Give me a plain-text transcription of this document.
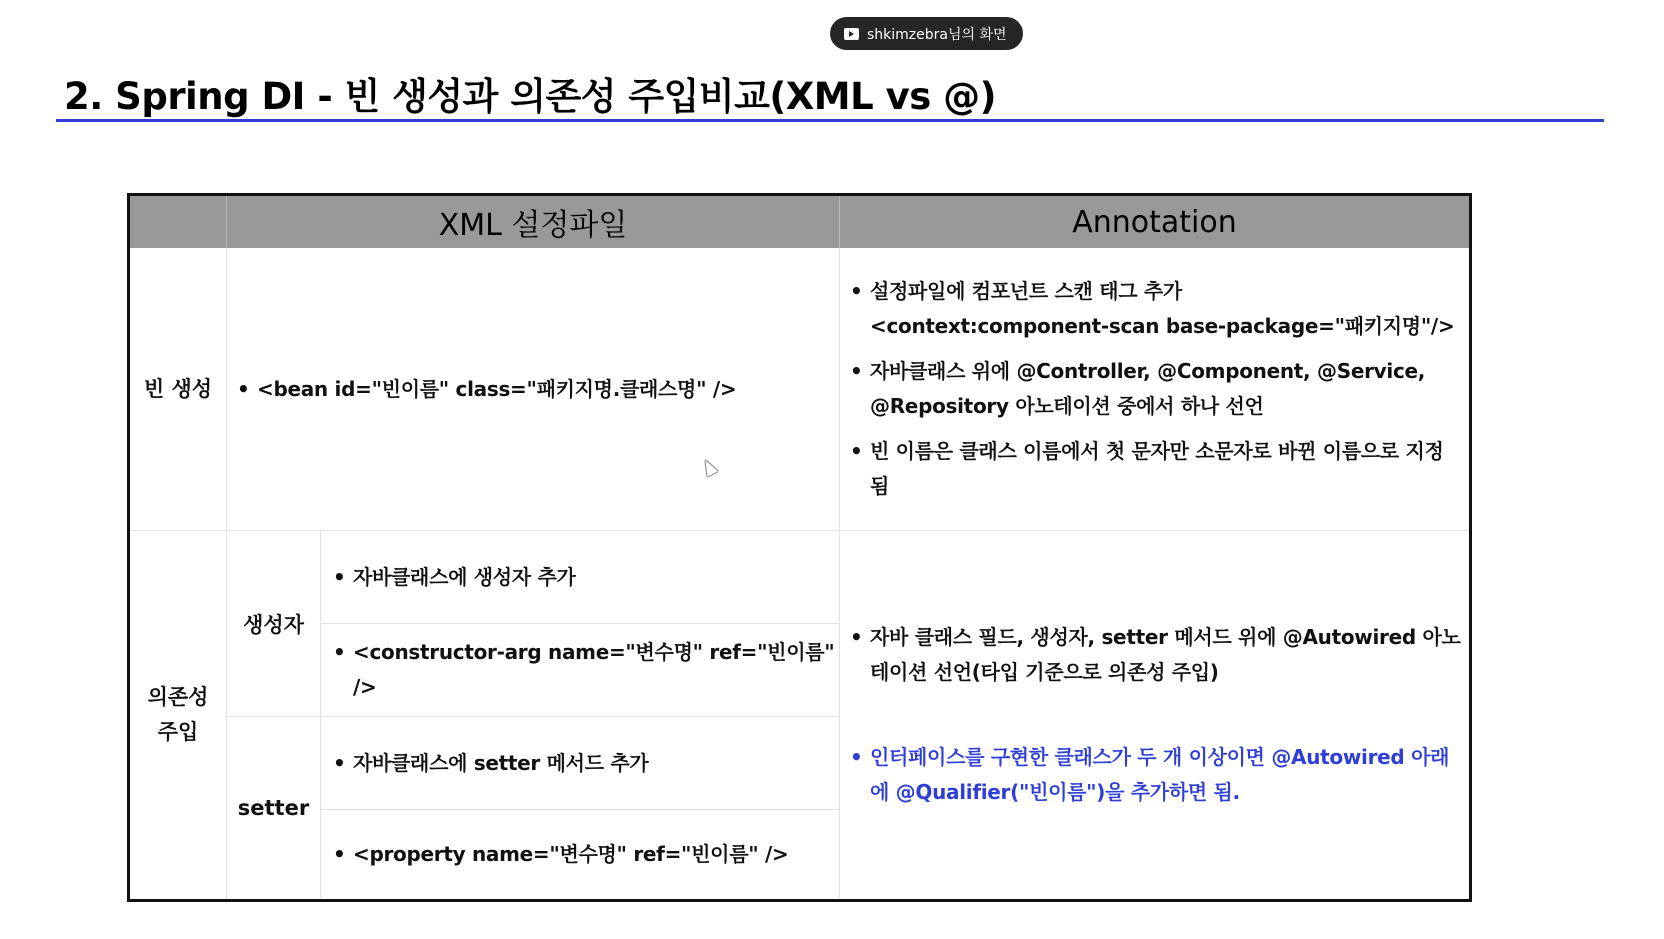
shkimzebra님의 화면
2. Spring DI - 빈 생성과 의존성 주입비교(XML vs @)
XML 설정파일	Annotation
빈 생성
•	<bean id="빈이름" class="패키지명.클래스명" />
• 설정파일에 컴포넌트 스캔 태그 추가
<context:component-scan base-package="패키지명"/>
• 자바클래스 위에 @Controller, @Component, @Service,
@Repository 아노테이션 중에서 하나 선언
• 빈 이름은 클래스 이름에서 첫 문자만 소문자로 바뀐 이름으로 지정됨
의존성
주입
생성자
• 자바클래스에 생성자 추가
• <constructor-arg name="변수명" ref="빈이름" />
setter
• 자바클래스에 setter 메서드 추가
• <property name="변수명" ref="빈이름" />
• 자바 클래스 필드, 생성자, setter 메서드 위에 @Autowired 아노
테이션 선언(타입 기준으로 의존성 주입)
• 인터페이스를 구현한 클래스가 두 개 이상이면 @Autowired 아래
에 @Qualifier("빈이름")을 추가하면 됨.
